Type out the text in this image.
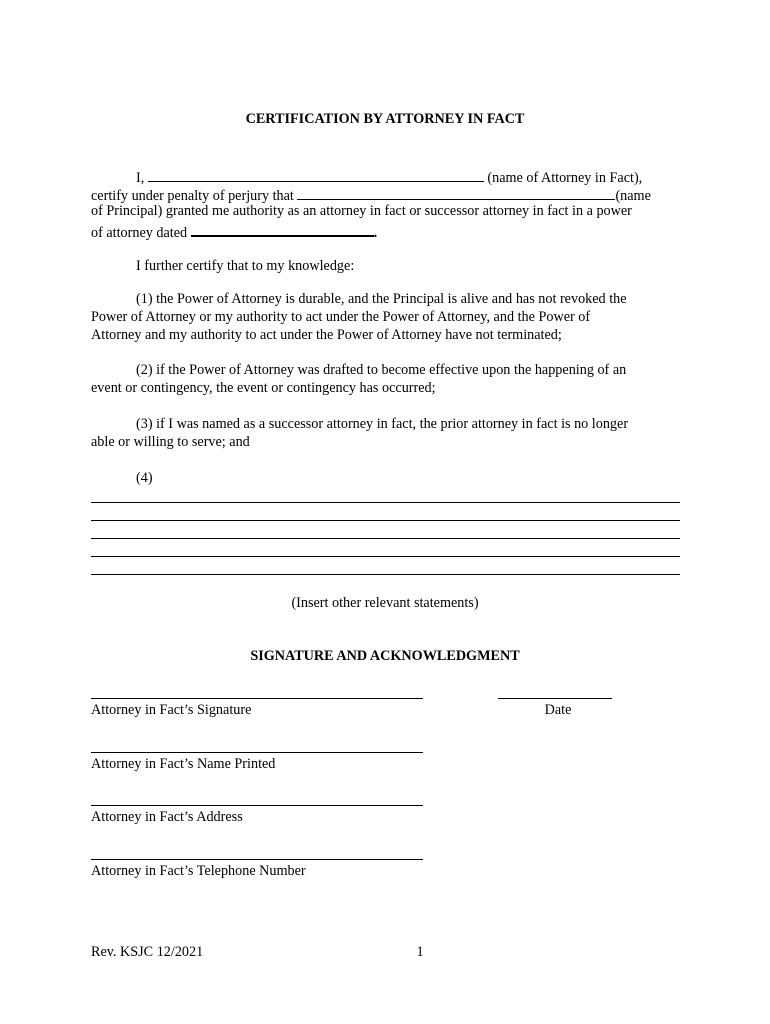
CERTIFICATION BY ATTORNEY IN FACT
I,	(name of Attorney in Fact),
certify under penalty of perjury that	(name
of Principal) granted me authority as an attorney in fact or successor attorney in fact in a power
of attorney dated	.
I further certify that to my knowledge:
(1) the Power of Attorney is durable, and the Principal is alive and has not revoked the
Power of Attorney or my authority to act under the Power of Attorney, and the Power of
Attorney and my authority to act under the Power of Attorney have not terminated;
(2) if the Power of Attorney was drafted to become effective upon the happening of an
event or contingency, the event or contingency has occurred;
(3) if I was named as a successor attorney in fact, the prior attorney in fact is no longer
able or willing to serve; and
(4)
(Insert other relevant statements)
SIGNATURE AND ACKNOWLEDGMENT
Attorney in Fact’s Signature	Date
Attorney in Fact’s Name Printed
Attorney in Fact’s Address
Attorney in Fact’s Telephone Number
Rev. KSJC 12/2021	1
